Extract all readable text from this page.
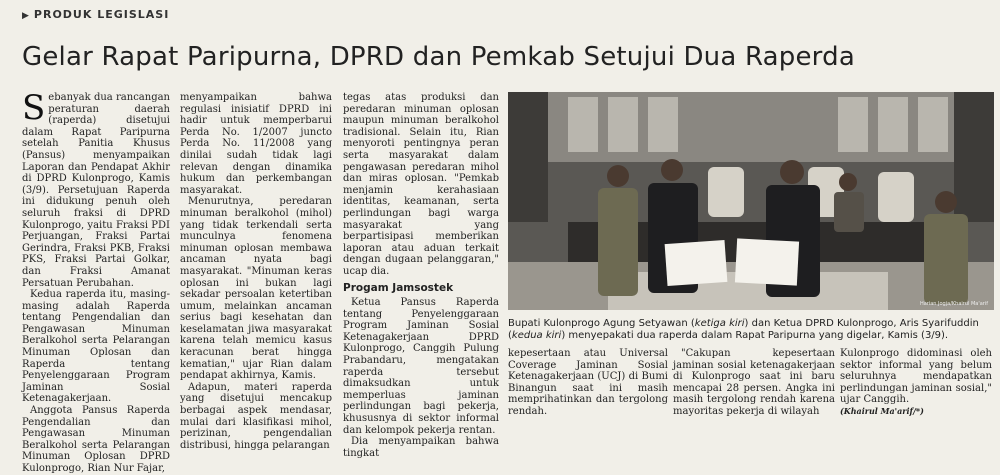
▶ PRODUK LEGISLASI
Gelar Rapat Paripurna, DPRD dan Pemkab Setujui Dua Raperda

Sebanyak dua rancangan peraturan daerah (raperda) disetujui dalam Rapat Paripurna setelah Panitia Khusus (Pansus) menyampaikan Laporan dan Pendapat Akhir di DPRD Kulonprogo, Kamis (3/9). Persetujuan Raperda ini didukung penuh oleh seluruh fraksi di DPRD Kulonprogo, yaitu Fraksi PDI Perjuangan, Fraksi Partai Gerindra, Fraksi PKB, Fraksi PKS, Fraksi Partai Golkar, dan Fraksi Amanat Persatuan Perubahan.

Kedua raperda itu, masing-masing adalah Raperda tentang Pengendalian dan Pengawasan Minuman Beralkohol serta Pelarangan Minuman Oplosan dan Raperda tentang Penyelenggaraan Program Jaminan Sosial Ketenagakerjaan.

Anggota Pansus Raperda Pengendalian dan Pengawasan Minuman Beralkohol serta Pelarangan Minuman Oplosan DPRD Kulonprogo, Rian Nur Fajar,

menyampaikan bahwa regulasi inisiatif DPRD ini hadir untuk memperbarui Perda No. 1/2007 juncto Perda No. 11/2008 yang dinilai sudah tidak lagi relevan dengan dinamika hukum dan perkembangan masyarakat.

Menurutnya, peredaran minuman beralkohol (mihol) yang tidak terkendali serta munculnya fenomena minuman oplosan membawa ancaman nyata bagi masyarakat. "Minuman keras oplosan ini bukan lagi sekadar persoalan ketertiban umum, melainkan ancaman serius bagi kesehatan dan keselamatan jiwa masyarakat karena telah memicu kasus keracunan berat hingga kematian," ujar Rian dalam pendapat akhirnya, Kamis.

Adapun, materi raperda yang disetujui mencakup berbagai aspek mendasar, mulai dari klasifikasi mihol, perizinan, pengendalian distribusi, hingga pelarangan

tegas atas produksi dan peredaran minuman oplosan maupun minuman beralkohol tradisional. Selain itu, Rian menyoroti pentingnya peran serta masyarakat dalam pengawasan peredaran mihol dan miras oplosan. "Pemkab menjamin kerahasiaan identitas, keamanan, serta perlindungan bagi warga masyarakat yang berpartisipasi memberikan laporan atau aduan terkait dengan dugaan pelanggaran," ucap dia.

Progam Jamsostek

Ketua Pansus Raperda tentang Penyelenggaraan Program Jaminan Sosial Ketenagakerjaan DPRD Kulonprogo, Canggih Pulung Prabandaru, mengatakan raperda tersebut dimaksudkan untuk memperluas jaminan perlindungan bagi pekerja, khususnya di sektor informal dan kelompok pekerja rentan.

Dia menyampaikan bahwa tingkat

Harian Jogja/Khairul Ma'arif
Bupati Kulonprogo Agung Setyawan (ketiga kiri) dan Ketua DPRD Kulonprogo, Aris Syarifuddin (kedua kiri) menyepakati dua raperda dalam Rapat Paripurna yang digelar, Kamis (3/9).

kepesertaan atau Universal Coverage Jaminan Sosial Ketenagakerjaan (UCJ) di Bumi Binangun saat ini masih memprihatinkan dan tergolong rendah.

"Cakupan kepesertaan jaminan sosial ketenagakerjaan di Kulonprogo saat ini baru mencapai 28 persen. Angka ini masih tergolong rendah karena mayoritas pekerja di wilayah

Kulonprogo didominasi oleh sektor informal yang belum seluruhnya mendapatkan perlindungan jaminan sosial," ujar Canggih.

(Khairul Ma'arif/*)
